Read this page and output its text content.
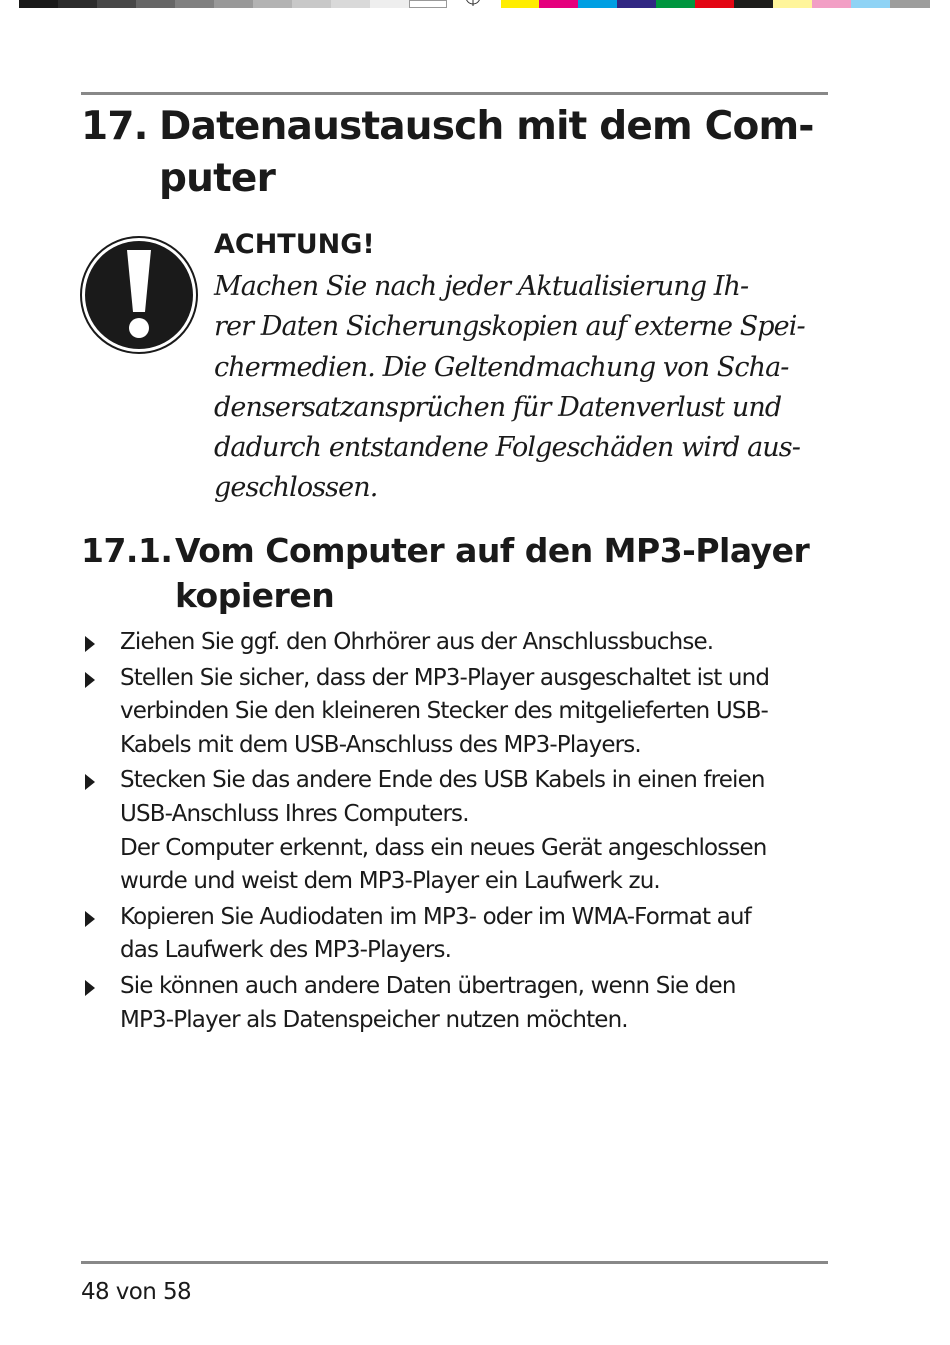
17. Datenaustausch mit dem Com-
puter
ACHTUNG!
Machen Sie nach jeder Aktualisierung Ih-
rer Daten Sicherungskopien auf externe Spei-
chermedien. Die Geltendmachung von Scha-
densersatzansprüchen für Datenverlust und
dadurch entstandene Folgeschäden wird aus-
geschlossen.
17.1. Vom Computer auf den MP3-Player
kopieren
Ziehen Sie ggf. den Ohrhörer aus der Anschlussbuchse.
Stellen Sie sicher, dass der MP3-Player ausgeschaltet ist und
verbinden Sie den kleineren Stecker des mitgelieferten USB-
Kabels mit dem USB-Anschluss des MP3-Players.
Stecken Sie das andere Ende des USB Kabels in einen freien
USB-Anschluss Ihres Computers.
Der Computer erkennt, dass ein neues Gerät angeschlossen
wurde und weist dem MP3-Player ein Laufwerk zu.
Kopieren Sie Audiodaten im MP3- oder im WMA-Format auf
das Laufwerk des MP3-Players.
Sie können auch andere Daten übertragen, wenn Sie den
MP3-Player als Datenspeicher nutzen möchten.
48 von 58
